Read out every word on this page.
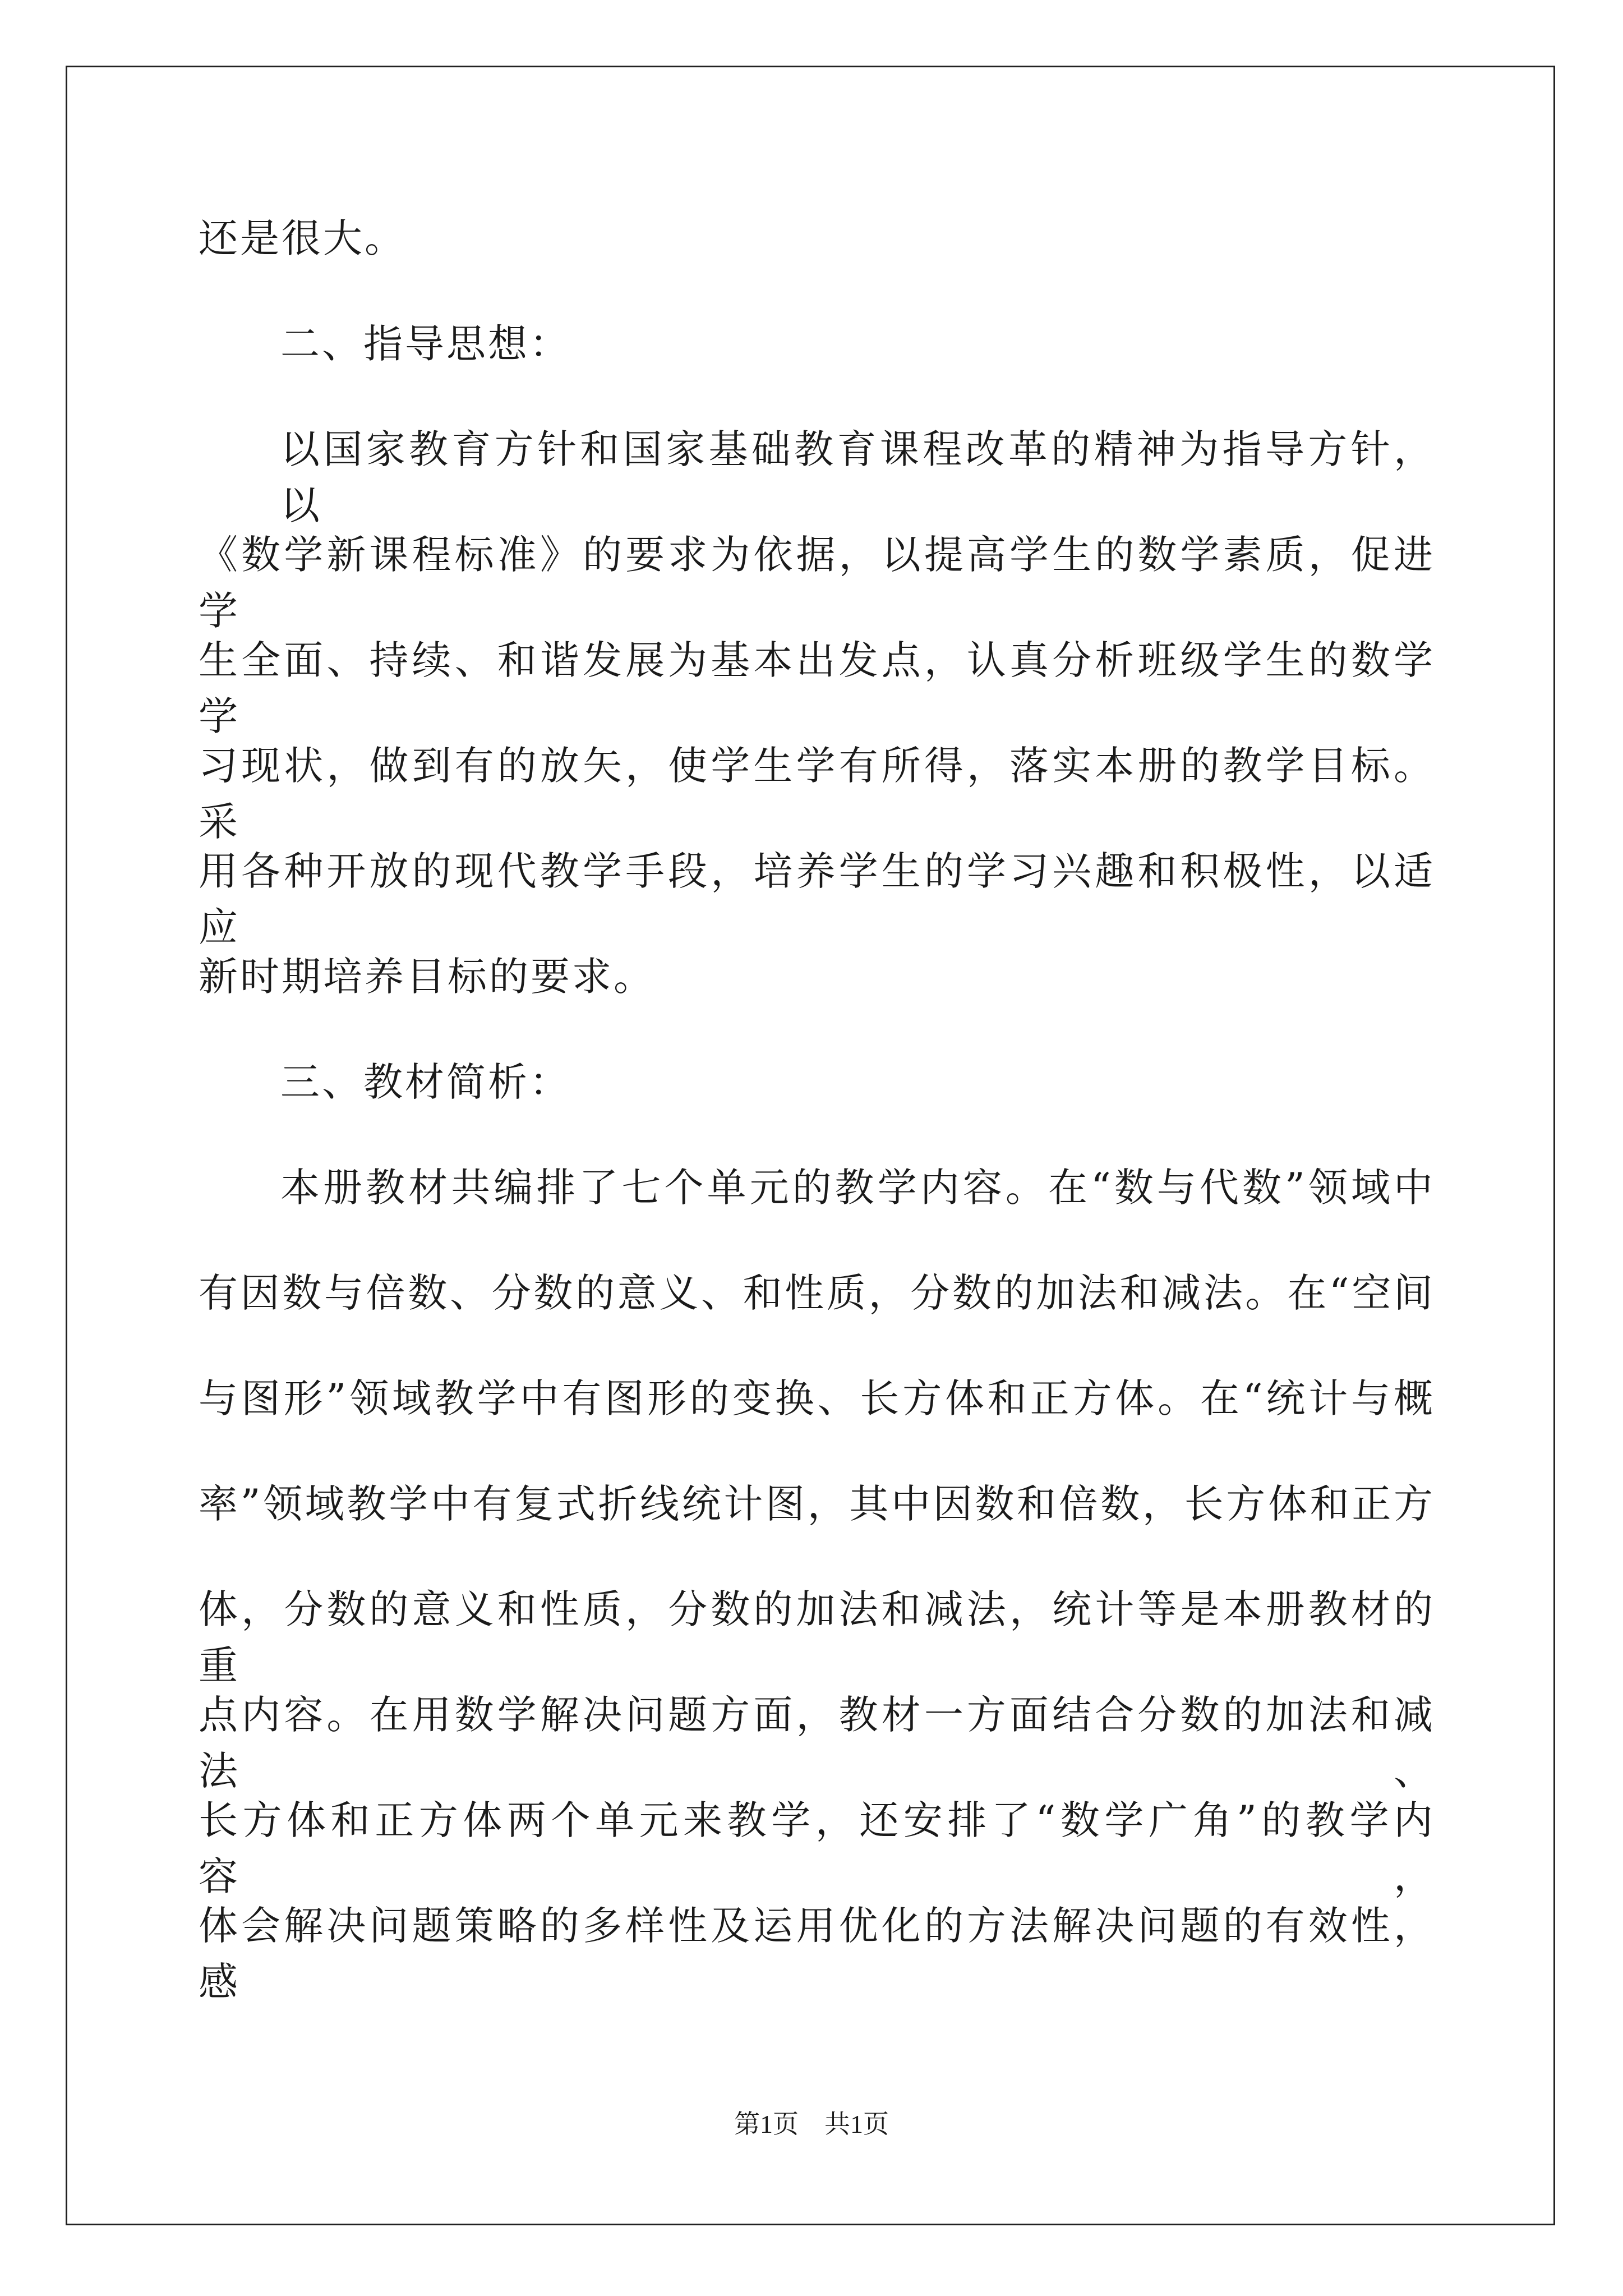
还是很大。
二、指导思想：
以国家教育方针和国家基础教育课程改革的精神为指导方针，以
《数学新课程标准》的要求为依据，以提高学生的数学素质，促进学
生全面、持续、和谐发展为基本出发点，认真分析班级学生的数学学
习现状，做到有的放矢，使学生学有所得，落实本册的教学目标。采
用各种开放的现代教学手段，培养学生的学习兴趣和积极性，以适应
新时期培养目标的要求。
三、教材简析：
本册教材共编排了七个单元的教学内容。在“数与代数”领域中
有因数与倍数、分数的意义、和性质，分数的加法和减法。在“空间
与图形”领域教学中有图形的变换、长方体和正方体。在“统计与概
率”领域教学中有复式折线统计图，其中因数和倍数，长方体和正方
体，分数的意义和性质，分数的加法和减法，统计等是本册教材的重
点内容。在用数学解决问题方面，教材一方面结合分数的加法和减法、
长方体和正方体两个单元来教学，还安排了“数学广角”的教学内容，
体会解决问题策略的多样性及运用优化的方法解决问题的有效性，感
第1页　共1页
